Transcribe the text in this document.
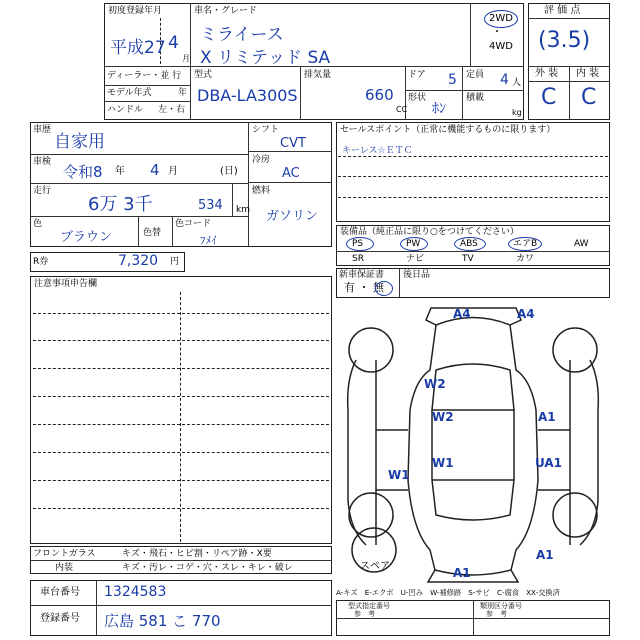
初度登録年月
平成27 4
月
車名・グレード
ミライース
X リミテッド SA
2WD
・
4WD
ディーラー・並 行
モデル年式	年
ハンドル 左・右
型式
DBA-LA300S
排気量
660
CC
ドア 5 定員 4 人
形状
ﾎﾝ
積載
kg
評 価 点
(3.5)
外 装 内 装
C C
車歴
自家用
車検
令和8 年 4 月	(日)
走行
6万 3千	534 km
色
ブラウン	色替
色コード
ﾌﾒｲ
シフト
CVT
冷房
AC
燃料
ガソリン
R券	7,320 円
セールスポイント（正常に機能するものに限ります）
キーレス☆ＥＴＣ
装備品（純正品に限り○をつけてください）
PS	PW	ABS	エアB	AW
SR	ナビ	TV	カワ
新車保証書
有 ・ 無
後日品
注意事項申告欄
A4	A4
W2
W2	A1
W1	UA1
W1
A1
A1
スペア
フロントガラス	キズ・飛石・ヒビ割・リペア跡・X要
内装	キズ・汚レ・コゲ・穴・スレ・キレ・破レ
車台番号 1324583
登録番号 広島 581 こ 770
A-キズ　E-エクボ　U-凹み　W-補修跡　S-サビ　C-腐食　XX-交換済
型式指定番号
参　考
類別区分番号
参　考
